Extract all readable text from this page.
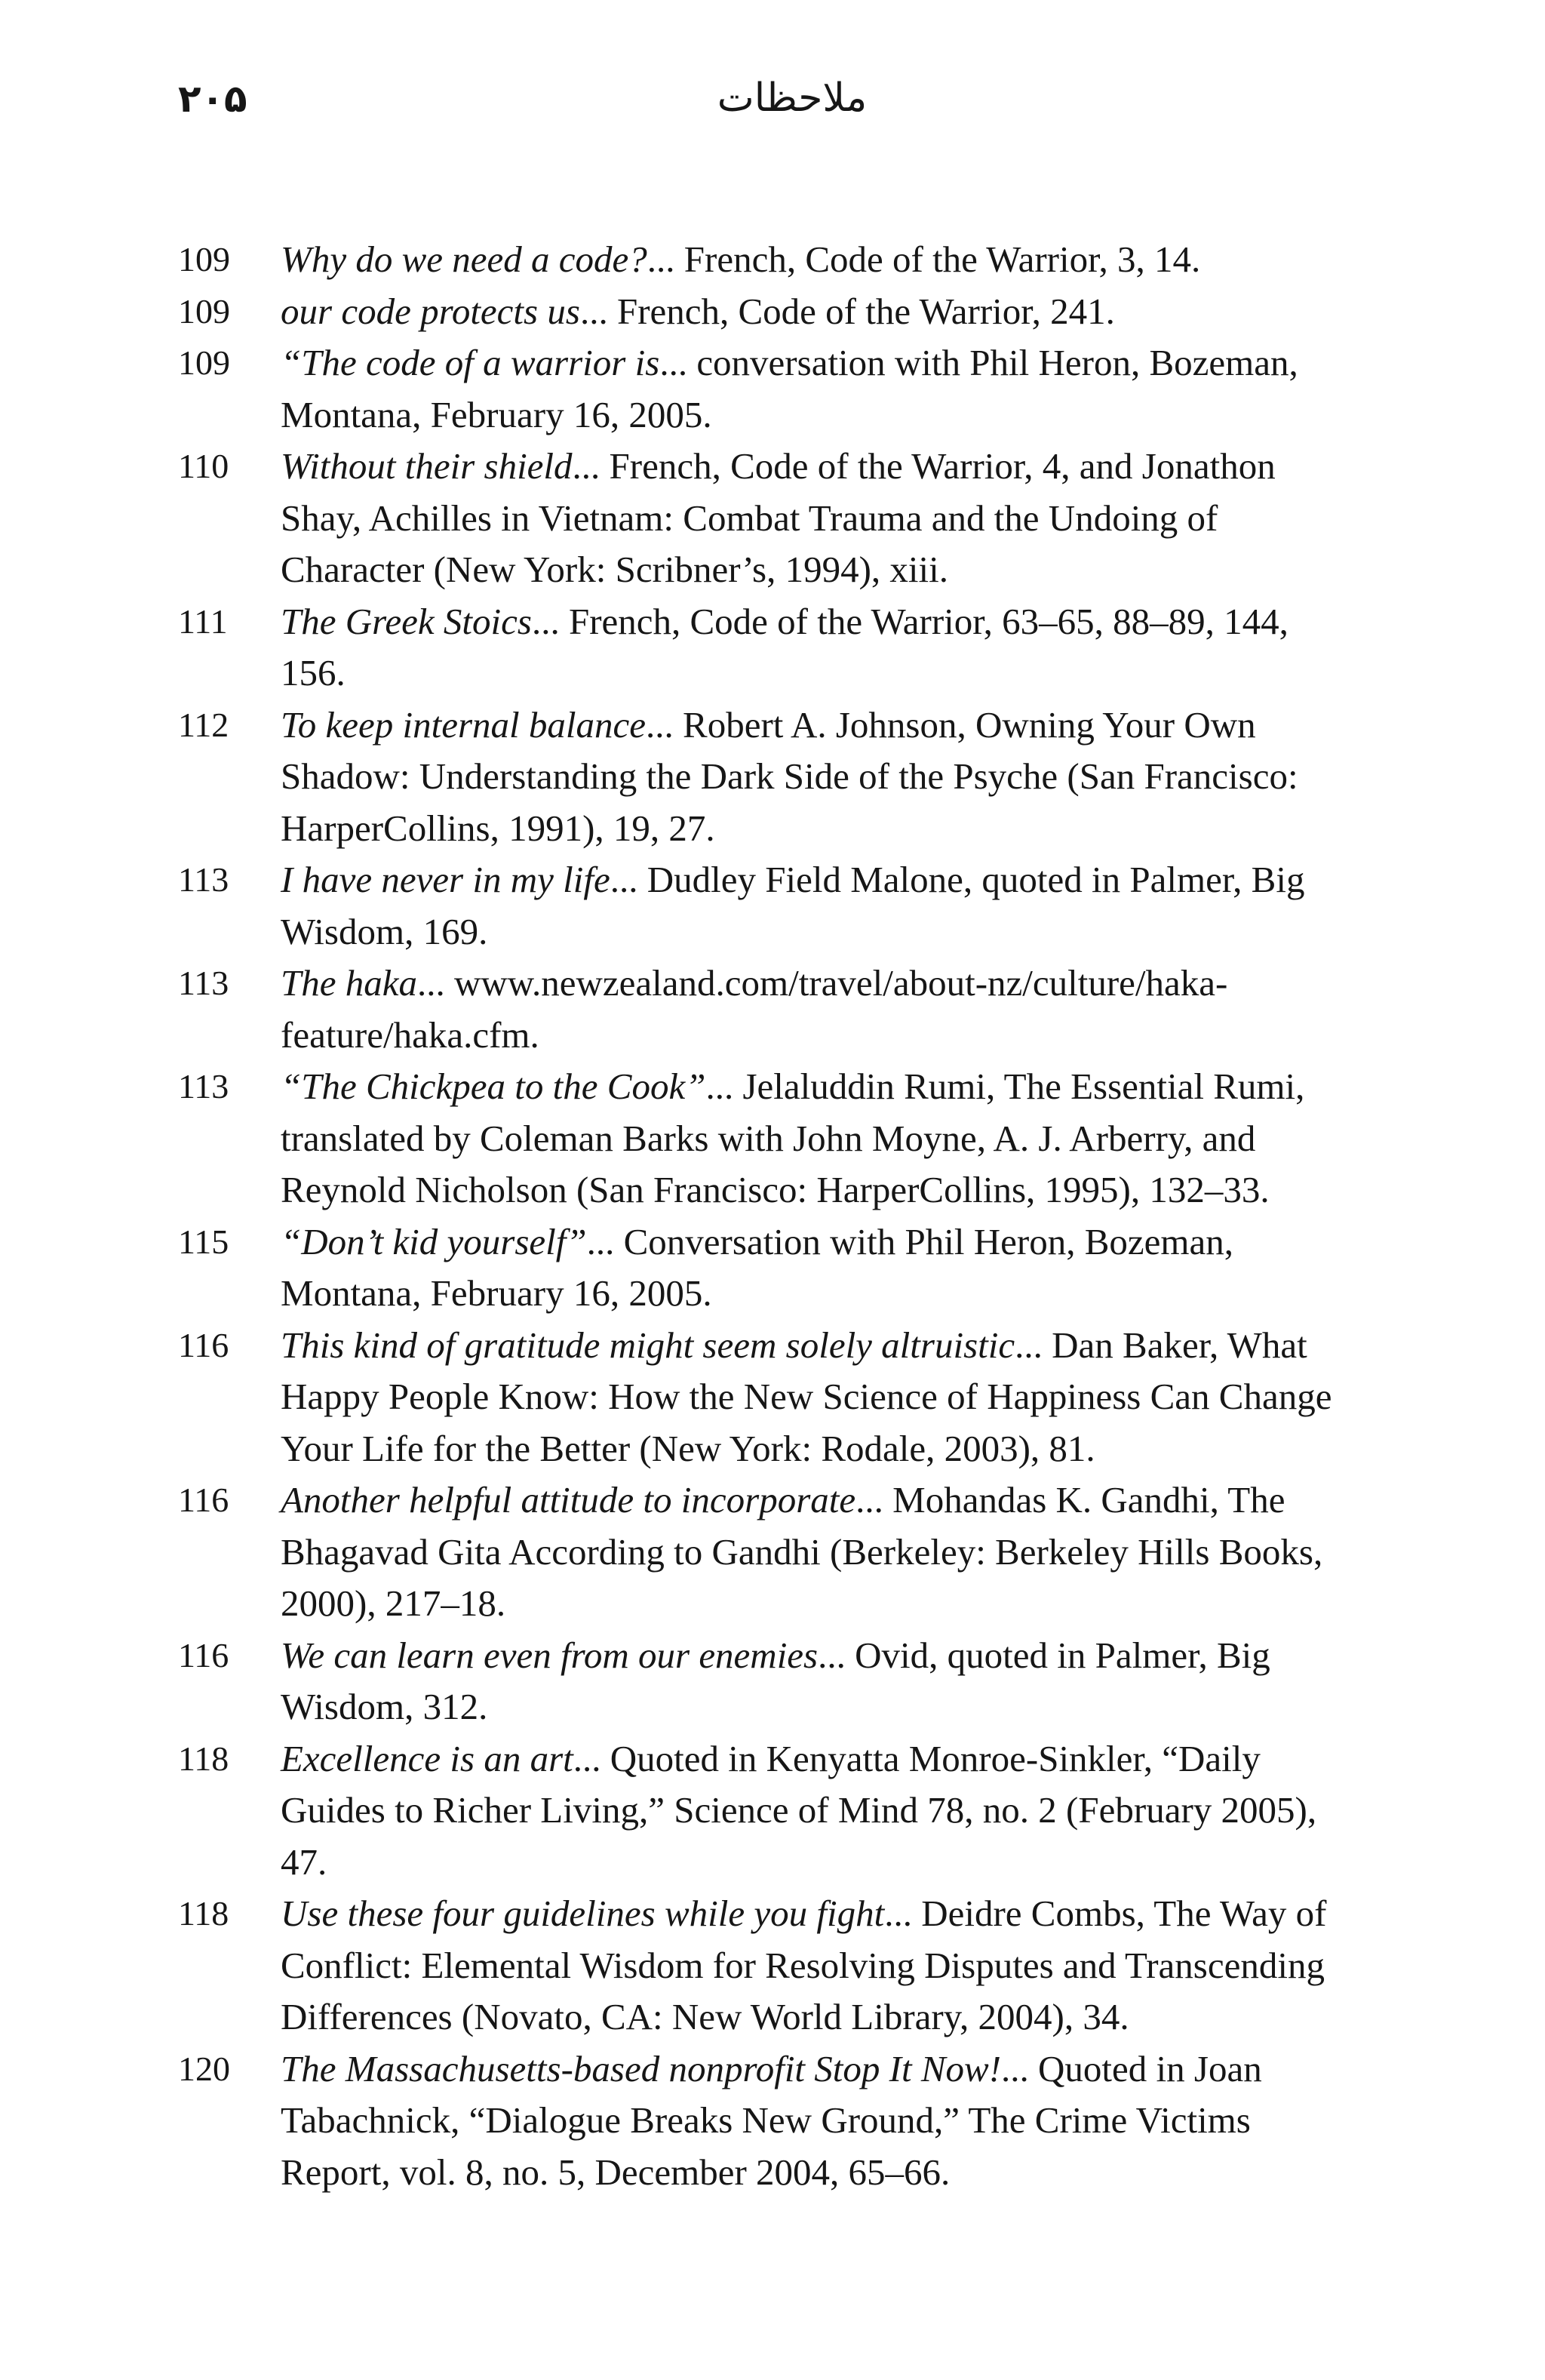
۲۰۵	ملاحظات
109	Why do we need a code?... French, Code of the Warrior, 3, 14.
109	our code protects us... French, Code of the Warrior, 241.
109	“The code of a warrior is... conversation with Phil Heron, Bozeman, Montana, February 16, 2005.
110	Without their shield... French, Code of the Warrior, 4, and Jonathon Shay, Achilles in Vietnam: Combat Trauma and the Undoing of Character (New York: Scribner’s, 1994), xiii.
111	The Greek Stoics... French, Code of the Warrior, 63–65, 88–89, 144, 156.
112	To keep internal balance... Robert A. Johnson, Owning Your Own Shadow: Understanding the Dark Side of the Psyche (San Francisco: HarperCollins, 1991), 19, 27.
113	I have never in my life... Dudley Field Malone, quoted in Palmer, Big Wisdom, 169.
113	The haka... www.newzealand.com/travel/about-nz/culture/haka-feature/haka.cfm.
113	“The Chickpea to the Cook”... Jelaluddin Rumi, The Essential Rumi, translated by Coleman Barks with John Moyne, A. J. Arberry, and Reynold Nicholson (San Francisco: HarperCollins, 1995), 132–33.
115	“Don’t kid yourself”... Conversation with Phil Heron, Bozeman, Montana, February 16, 2005.
116	This kind of gratitude might seem solely altruistic... Dan Baker, What Happy People Know: How the New Science of Happiness Can Change Your Life for the Better (New York: Rodale, 2003), 81.
116	Another helpful attitude to incorporate... Mohandas K. Gandhi, The Bhagavad Gita According to Gandhi (Berkeley: Berkeley Hills Books, 2000), 217–18.
116	We can learn even from our enemies... Ovid, quoted in Palmer, Big Wisdom, 312.
118	Excellence is an art... Quoted in Kenyatta Monroe-Sinkler, “Daily Guides to Richer Living,” Science of Mind 78, no. 2 (February 2005), 47.
118	Use these four guidelines while you fight... Deidre Combs, The Way of Conflict: Elemental Wisdom for Resolving Disputes and Transcending Differences (Novato, CA: New World Library, 2004), 34.
120	The Massachusetts-based nonprofit Stop It Now!... Quoted in Joan Tabachnick, “Dialogue Breaks New Ground,” The Crime Victims Report, vol. 8, no. 5, December 2004, 65–66.
